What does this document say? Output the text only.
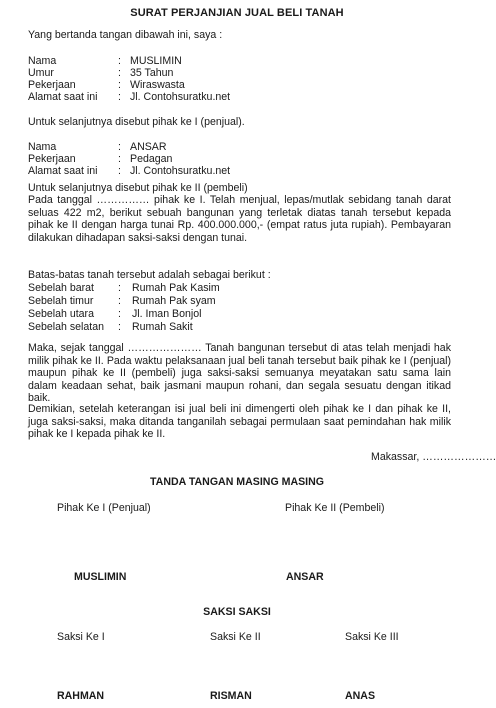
SURAT PERJANJIAN JUAL BELI TANAH
Yang bertanda tangan dibawah ini, saya :
Nama	: MUSLIMIN
Umur	: 35 Tahun
Pekerjaan	: Wiraswasta
Alamat saat ini : Jl. Contohsuratku.net
Untuk selanjutnya disebut pihak ke I (penjual).
Nama	: ANSAR
Pekerjaan	: Pedagan
Alamat saat ini : Jl. Contohsuratku.net
Untuk selanjutnya disebut pihak ke II (pembeli)
Pada tanggal …………… pihak ke I. Telah menjual, lepas/mutlak sebidang tanah darat seluas 422 m2, berikut sebuah bangunan yang terletak diatas tanah tersebut kepada pihak ke II dengan harga tunai Rp. 400.000.000,- (empat ratus juta rupiah). Pembayaran dilakukan dihadapan saksi-saksi dengan tunai.
Batas-batas tanah tersebut adalah sebagai berikut :
Sebelah barat : Rumah Pak Kasim
Sebelah timur : Rumah Pak syam
Sebelah utara : Jl. Iman Bonjol
Sebelah selatan : Rumah Sakit
Maka, sejak tanggal ………………… Tanah bangunan tersebut di atas telah menjadi hak milik pihak ke II. Pada waktu pelaksanaan jual beli tanah tersebut baik pihak ke I (penjual) maupun pihak ke II (pembeli) juga saksi-saksi semuanya meyatakan satu sama lain dalam keadaan sehat, baik jasmani maupun rohani, dan segala sesuatu dengan itikad baik.
Demikian, setelah keterangan isi jual beli ini dimengerti oleh pihak ke I dan pihak ke II, juga saksi-saksi, maka ditanda tanganilah sebagai permulaan saat pemindahan hak milik pihak ke I kepada pihak ke II.
Makassar, …………………
TANDA TANGAN MASING MASING
Pihak Ke I (Penjual)	Pihak Ke II (Pembeli)
MUSLIMIN	ANSAR
SAKSI SAKSI
Saksi Ke I	Saksi Ke II	Saksi Ke III
RAHMAN	RISMAN	ANAS
